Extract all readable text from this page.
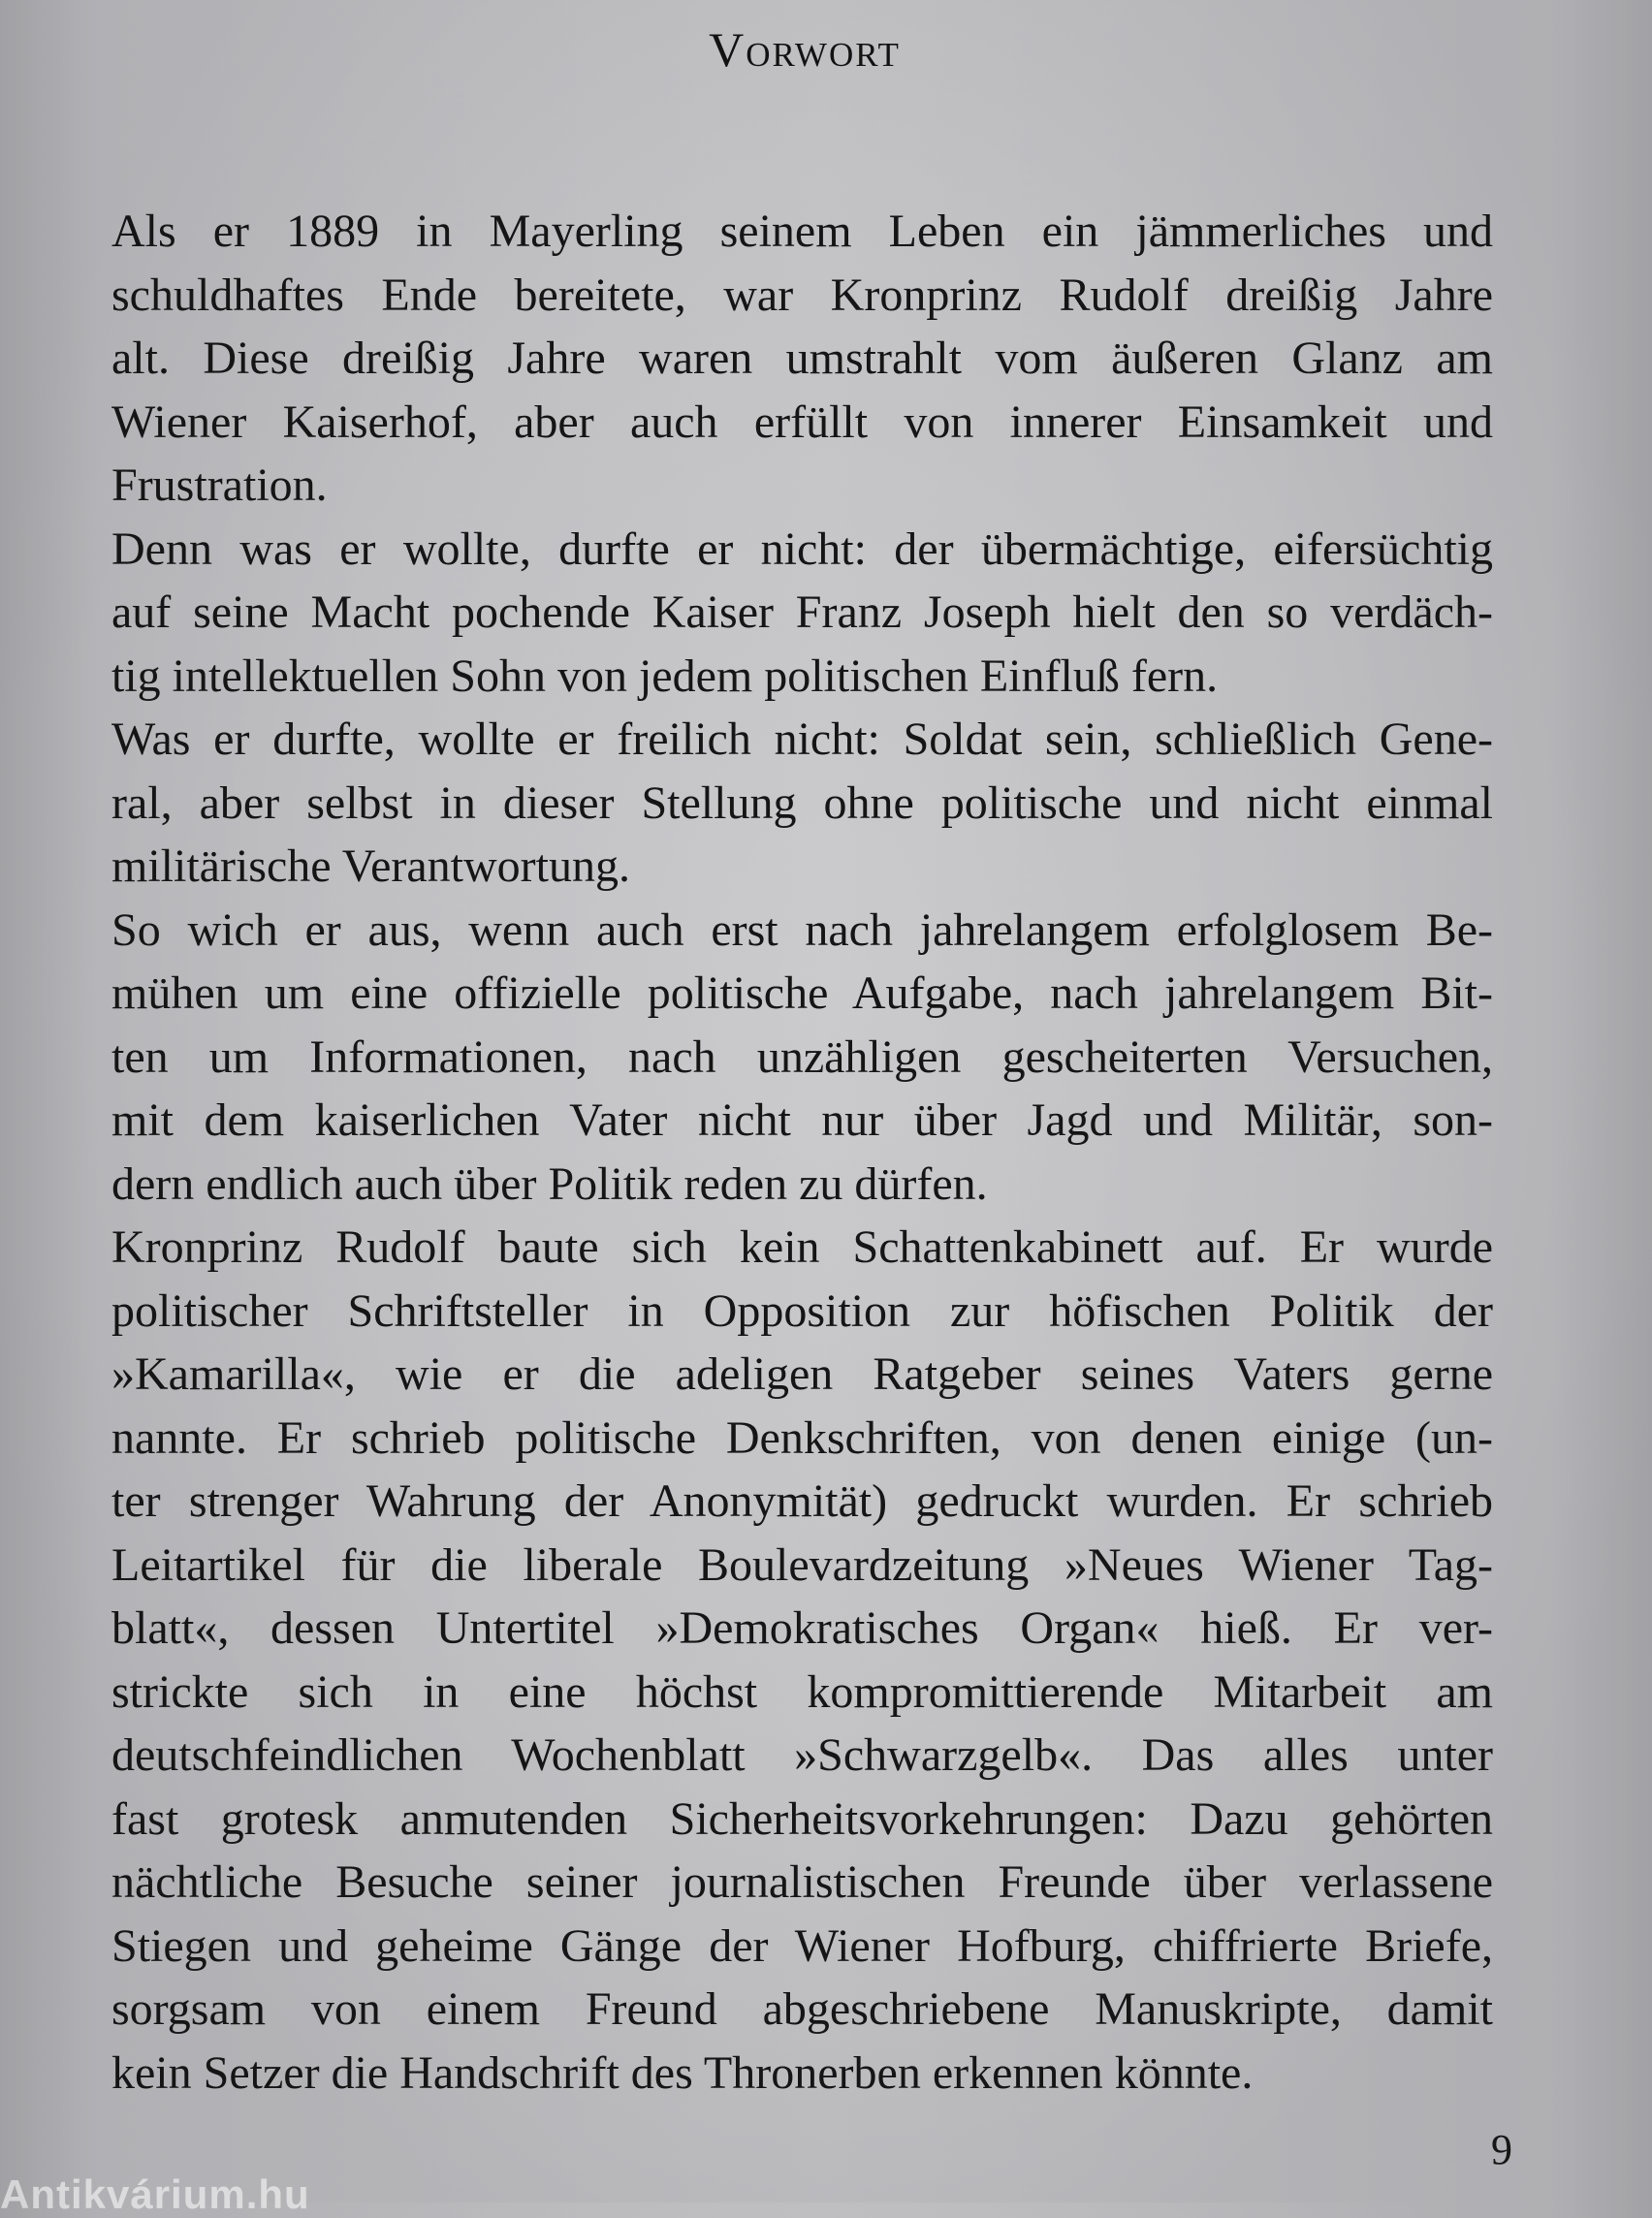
Vorwort
Als er 1889 in Mayerling seinem Leben ein jämmerliches und
schuldhaftes Ende bereitete, war Kronprinz Rudolf dreißig Jahre
alt. Diese dreißig Jahre waren umstrahlt vom äußeren Glanz am
Wiener Kaiserhof, aber auch erfüllt von innerer Einsamkeit und
Frustration.
Denn was er wollte, durfte er nicht: der übermächtige, eifersüchtig
auf seine Macht pochende Kaiser Franz Joseph hielt den so verdäch-
tig intellektuellen Sohn von jedem politischen Einfluß fern.
Was er durfte, wollte er freilich nicht: Soldat sein, schließlich Gene-
ral, aber selbst in dieser Stellung ohne politische und nicht einmal
militärische Verantwortung.
So wich er aus, wenn auch erst nach jahrelangem erfolglosem Be-
mühen um eine offizielle politische Aufgabe, nach jahrelangem Bit-
ten um Informationen, nach unzähligen gescheiterten Versuchen,
mit dem kaiserlichen Vater nicht nur über Jagd und Militär, son-
dern endlich auch über Politik reden zu dürfen.
Kronprinz Rudolf baute sich kein Schattenkabinett auf. Er wurde
politischer Schriftsteller in Opposition zur höfischen Politik der
»Kamarilla«, wie er die adeligen Ratgeber seines Vaters gerne
nannte. Er schrieb politische Denkschriften, von denen einige (un-
ter strenger Wahrung der Anonymität) gedruckt wurden. Er schrieb
Leitartikel für die liberale Boulevardzeitung »Neues Wiener Tag-
blatt«, dessen Untertitel »Demokratisches Organ« hieß. Er ver-
strickte sich in eine höchst kompromittierende Mitarbeit am
deutschfeindlichen Wochenblatt »Schwarzgelb«. Das alles unter
fast grotesk anmutenden Sicherheitsvorkehrungen: Dazu gehörten
nächtliche Besuche seiner journalistischen Freunde über verlassene
Stiegen und geheime Gänge der Wiener Hofburg, chiffrierte Briefe,
sorgsam von einem Freund abgeschriebene Manuskripte, damit
kein Setzer die Handschrift des Thronerben erkennen könnte.
9
Antikvárium.hu
